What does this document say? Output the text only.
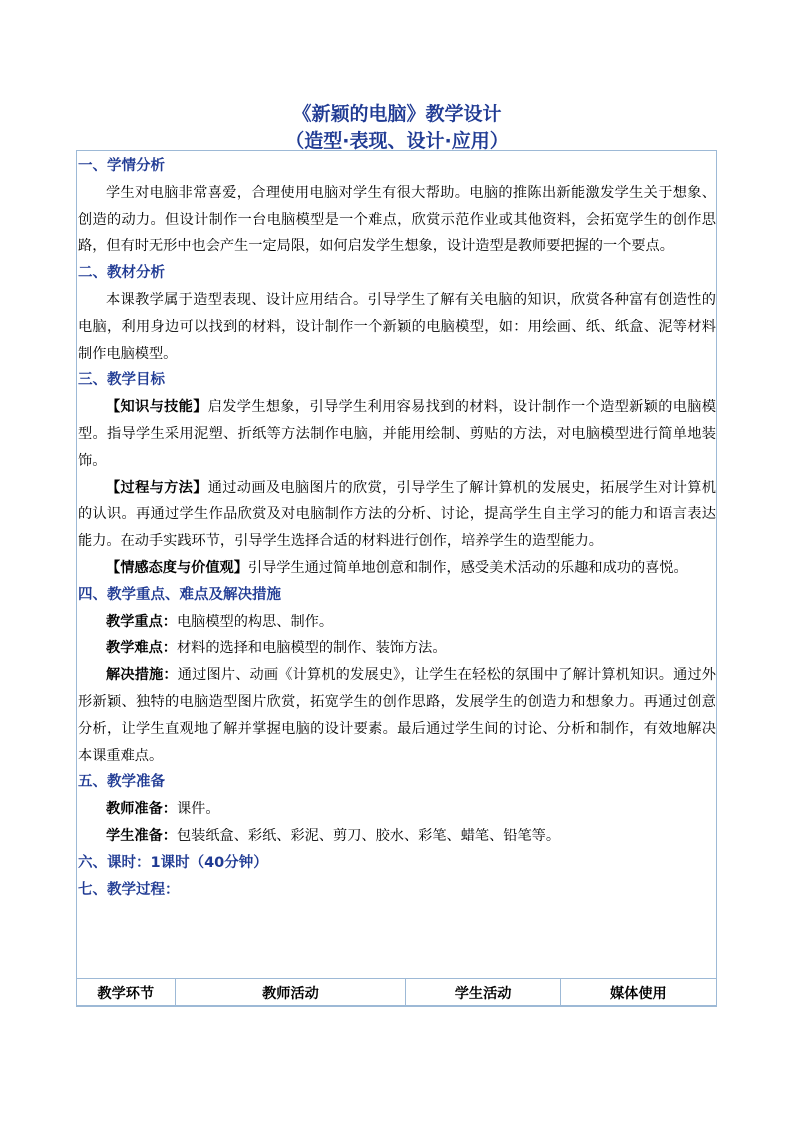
《新颖的电脑》教学设计
（造型·表现、设计·应用）
一、学情分析
学生对电脑非常喜爱，合理使用电脑对学生有很大帮助。电脑的推陈出新能激发学生关于想象、创造的动力。但设计制作一台电脑模型是一个难点，欣赏示范作业或其他资料，会拓宽学生的创作思路，但有时无形中也会产生一定局限，如何启发学生想象，设计造型是教师要把握的一个要点。
二、教材分析
本课教学属于造型表现、设计应用结合。引导学生了解有关电脑的知识，欣赏各种富有创造性的电脑，利用身边可以找到的材料，设计制作一个新颖的电脑模型，如：用绘画、纸、纸盒、泥等材料制作电脑模型。
三、教学目标
【知识与技能】启发学生想象，引导学生利用容易找到的材料，设计制作一个造型新颖的电脑模型。指导学生采用泥塑、折纸等方法制作电脑，并能用绘制、剪贴的方法，对电脑模型进行简单地装饰。
【过程与方法】通过动画及电脑图片的欣赏，引导学生了解计算机的发展史，拓展学生对计算机的认识。再通过学生作品欣赏及对电脑制作方法的分析、讨论，提高学生自主学习的能力和语言表达能力。在动手实践环节，引导学生选择合适的材料进行创作，培养学生的造型能力。
【情感态度与价值观】引导学生通过简单地创意和制作，感受美术活动的乐趣和成功的喜悦。
四、教学重点、难点及解决措施
教学重点：电脑模型的构思、制作。
教学难点：材料的选择和电脑模型的制作、装饰方法。
解决措施：通过图片、动画《计算机的发展史》，让学生在轻松的氛围中了解计算机知识。通过外形新颖、独特的电脑造型图片欣赏，拓宽学生的创作思路，发展学生的创造力和想象力。再通过创意分析，让学生直观地了解并掌握电脑的设计要素。最后通过学生间的讨论、分析和制作，有效地解决本课重难点。
五、教学准备
教师准备：课件。
学生准备：包装纸盒、彩纸、彩泥、剪刀、胶水、彩笔、蜡笔、铅笔等。
六、课时：1课时（40分钟）
七、教学过程：
教学环节	教师活动	学生活动	媒体使用
